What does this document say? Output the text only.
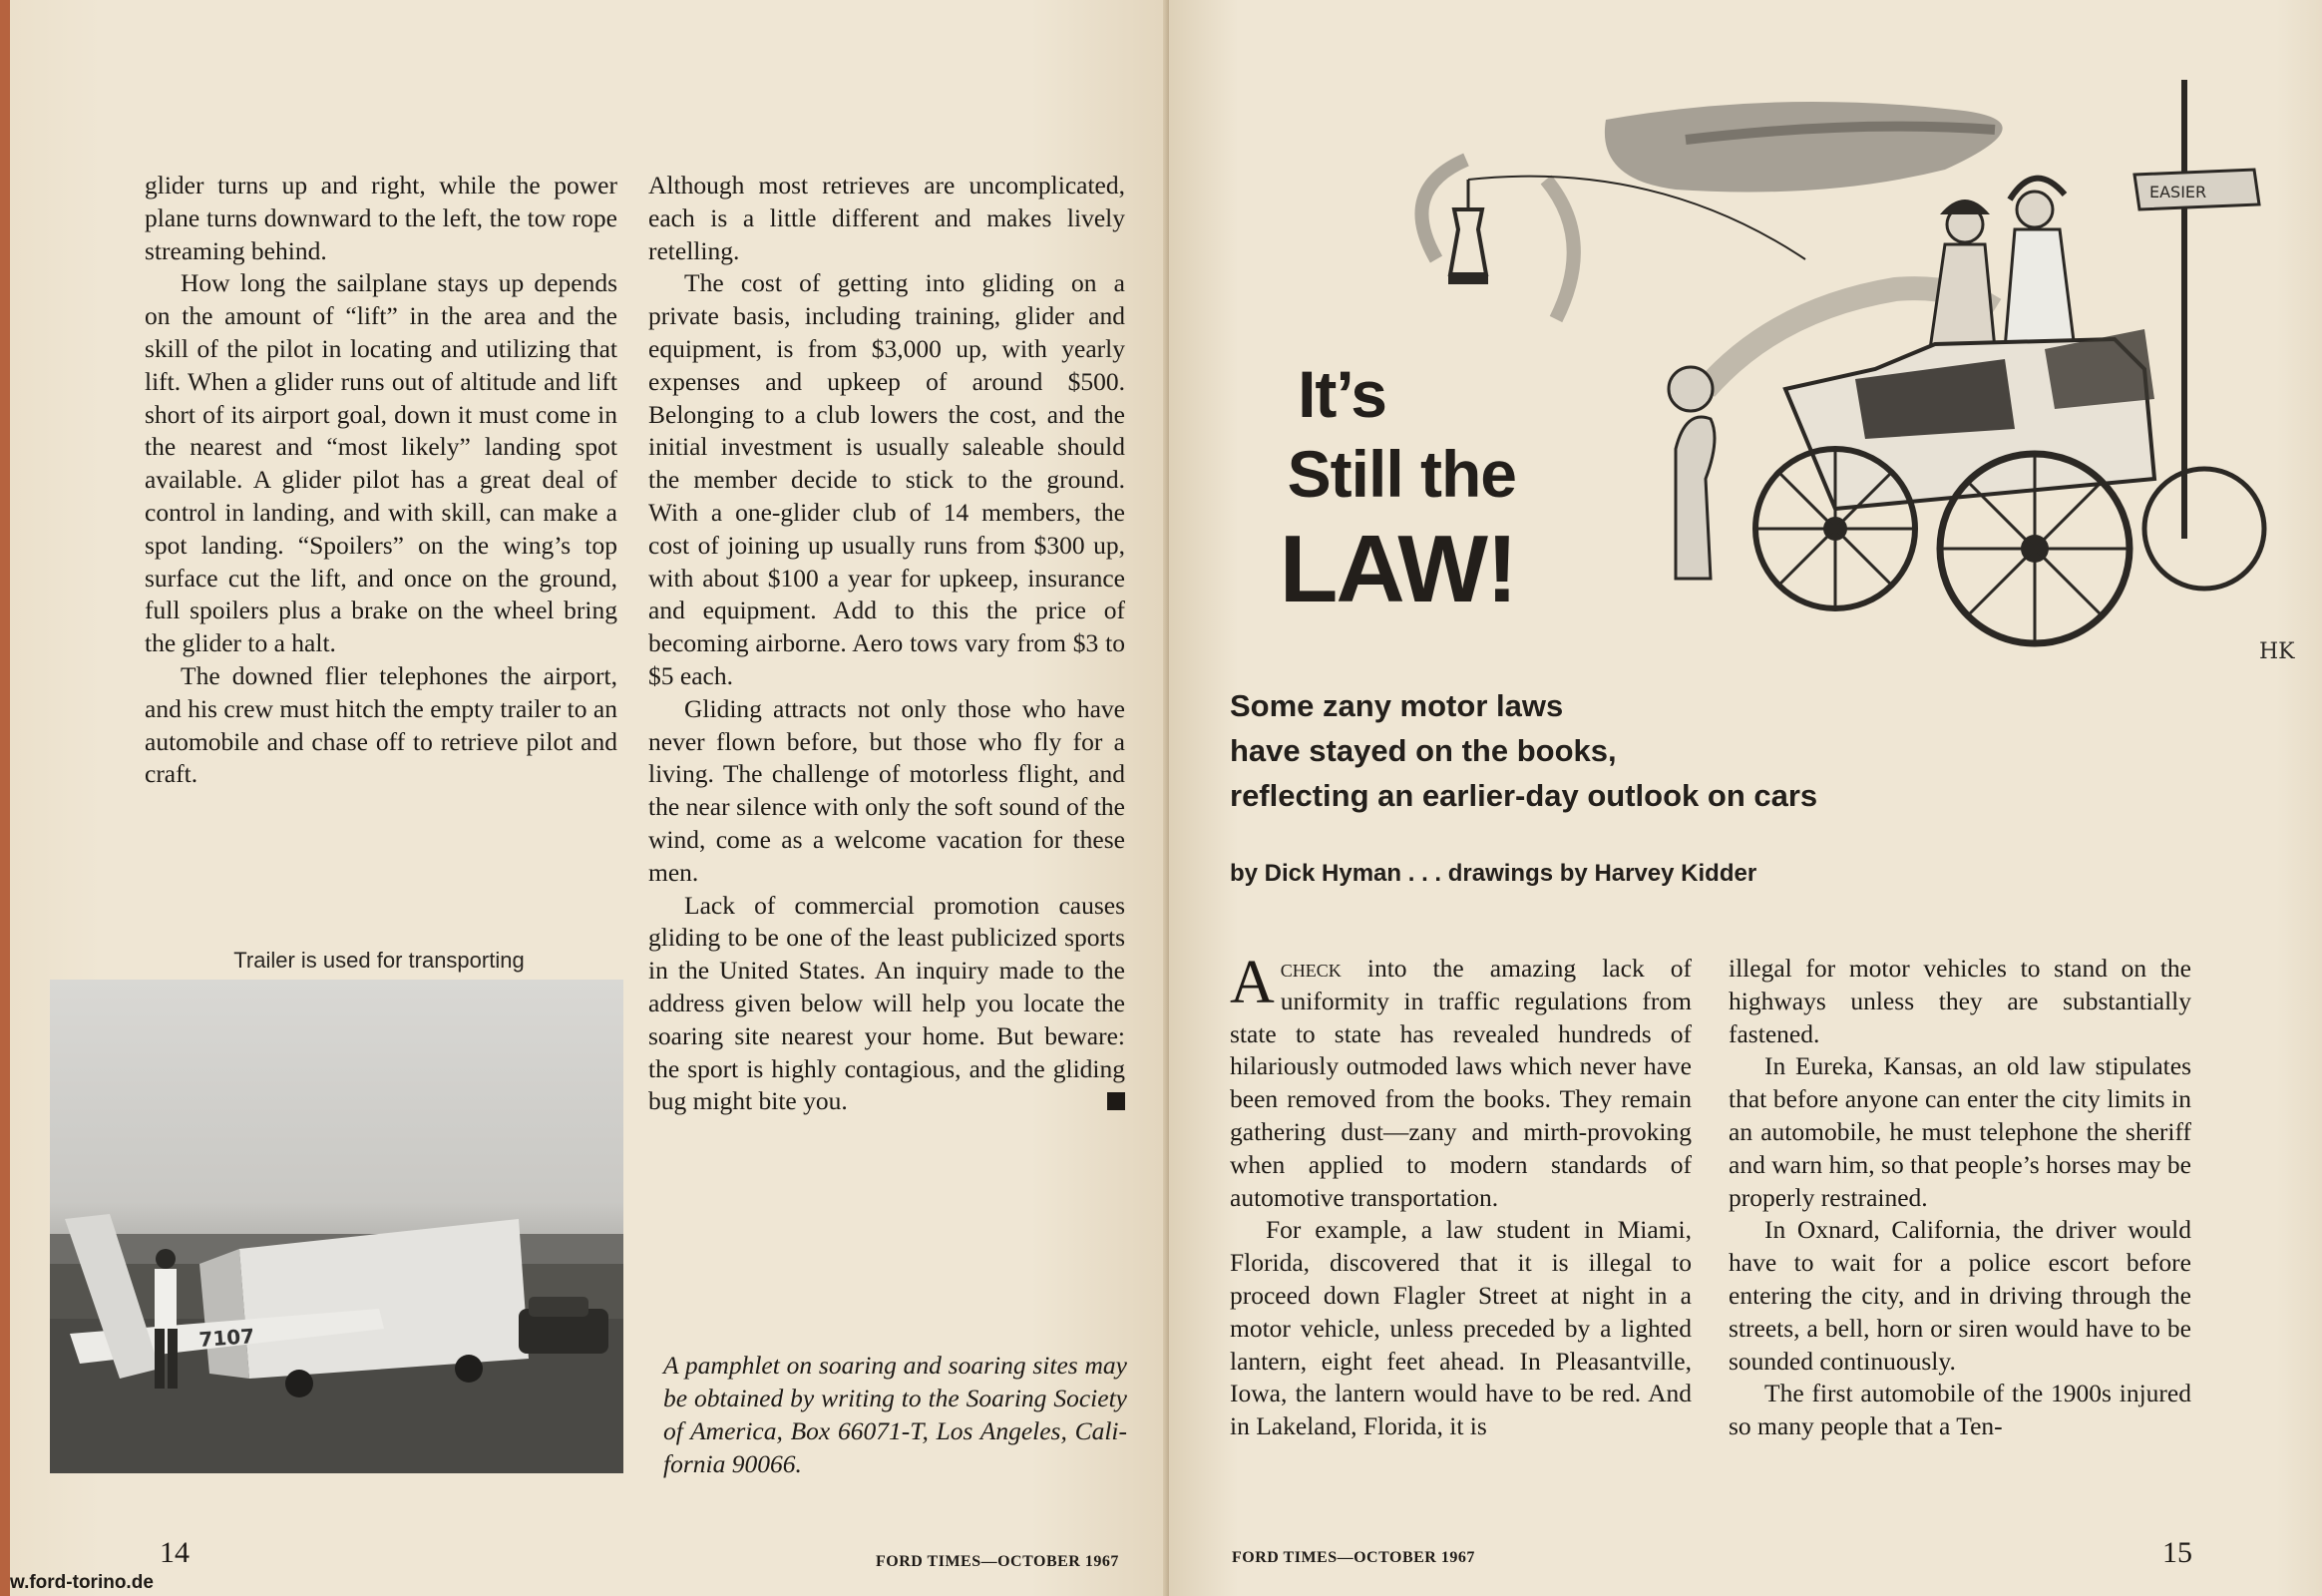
glider turns up and right, while the power plane turns downward to the left, the tow rope streaming behind.

How long the sailplane stays up depends on the amount of “lift” in the area and the skill of the pilot in locating and utilizing that lift. When a glider runs out of altitude and lift short of its airport goal, down it must come in the nearest and “most likely” landing spot available. A glider pilot has a great deal of control in landing, and with skill, can make a spot landing. “Spoilers” on the wing’s top surface cut the lift, and once on the ground, full spoilers plus a brake on the wheel bring the glider to a halt.

The downed flier telephones the airport, and his crew must hitch the empty trailer to an automobile and chase off to retrieve pilot and craft.

Trailer is used for transporting
7107

Although most retrieves are uncomplicated, each is a little different and makes lively retelling.

The cost of getting into gliding on a private basis, including training, glider and equipment, is from $3,000 up, with yearly expenses and upkeep of around $500. Belonging to a club lowers the cost, and the initial investment is usually saleable should the member decide to stick to the ground. With a one-glider club of 14 members, the cost of joining up usually runs from $300 up, with about $100 a year for upkeep, insurance and equipment. Add to this the price of becoming airborne. Aero tows vary from $3 to $5 each.

Gliding attracts not only those who have never flown before, but those who fly for a living. The challenge of motorless flight, and the near silence with only the soft sound of the wind, come as a welcome vacation for these men.

Lack of commercial promotion causes gliding to be one of the least publicized sports in the United States. An inquiry made to the address given below will help you locate the soaring site nearest your home. But beware: the sport is highly contagious, and the gliding bug might bite you.

A pamphlet on soaring and soaring sites may be obtained by writing to the Soaring Society of America, Box 66071-T, Los Angeles, California 90066.
14	FORD TIMES—OCTOBER 1967
w.ford-torino.de
EASIER
HK
It’s
Still the
LAW!
Some zany motor laws
have stayed on the books,
reflecting an earlier-day outlook on cars
by Dick Hyman . . . drawings by Harvey Kidder

Acheck into the amazing lack of uniformity in traffic regulations from state to state has revealed hundreds of hilariously outmoded laws which never have been removed from the books. They remain gathering dust—zany and mirth-provoking when applied to modern standards of automotive transportation.

For example, a law student in Miami, Florida, discovered that it is illegal to proceed down Flagler Street at night in a motor vehicle, unless preceded by a lighted lantern, eight feet ahead. In Pleasantville, Iowa, the lantern would have to be red. And in Lakeland, Florida, it is

illegal for motor vehicles to stand on the highways unless they are substantially fastened.

In Eureka, Kansas, an old law stipulates that before anyone can enter the city limits in an automobile, he must telephone the sheriff and warn him, so that people’s horses may be properly restrained.

In Oxnard, California, the driver would have to wait for a police escort before entering the city, and in driving through the streets, a bell, horn or siren would have to be sounded continuously.

The first automobile of the 1900s injured so many people that a Ten-

FORD TIMES—OCTOBER 1967	15
